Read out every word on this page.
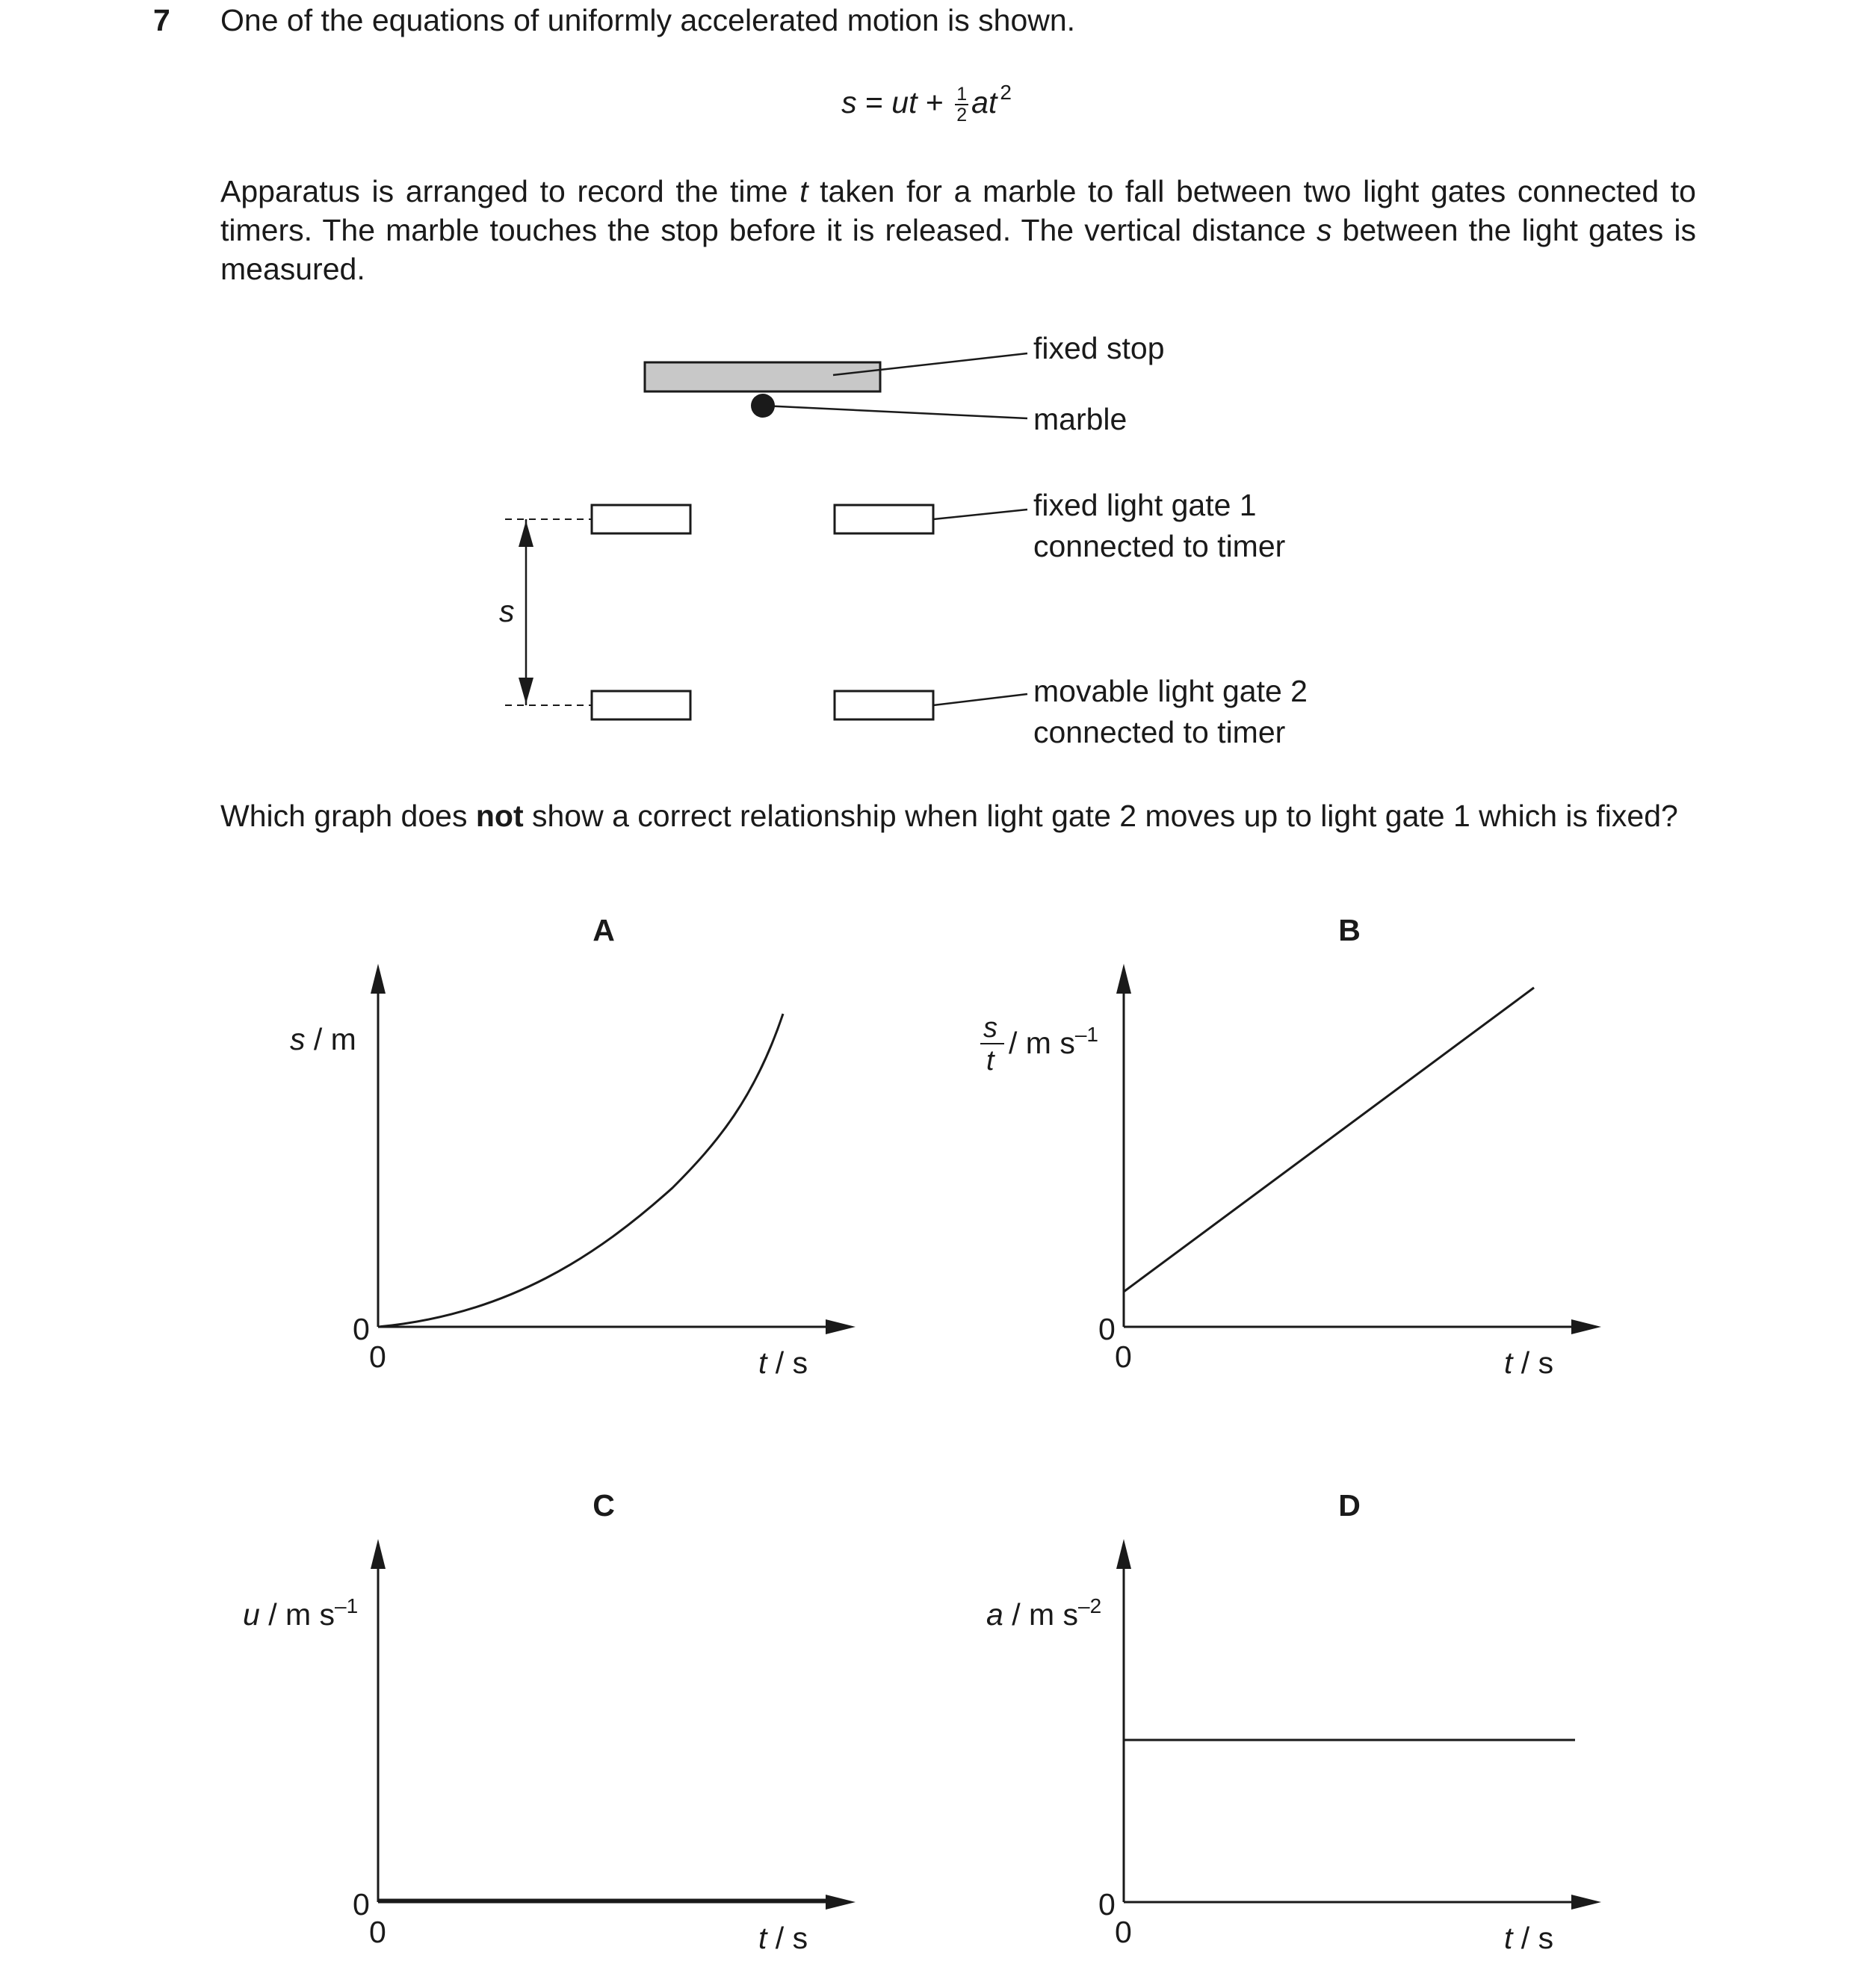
7 One of the equations of uniformly accelerated motion is shown.
s = ut + $\frac{1}{2}$ at $^2$
Apparatus is arranged to record the time t taken for a marble to fall between two light gates connected to timers. The marble touches the stop before it is released. The vertical distance s between the light gates is measured.
Which graph does not show a correct relationship when light gate 2 moves up to light gate 1 which is fixed?
s
fixed stop
marble
fixed light gate 1
connected to timer
movable light gate 2
connected to timer
A
s / m
t / s
0
0
B
s
t
/ m $s^{-1}$
t / s
0
0
C
u / m $s^{-1}$
t / s
0
0
D
a / m $s^{-2}$
t / s
0
0
